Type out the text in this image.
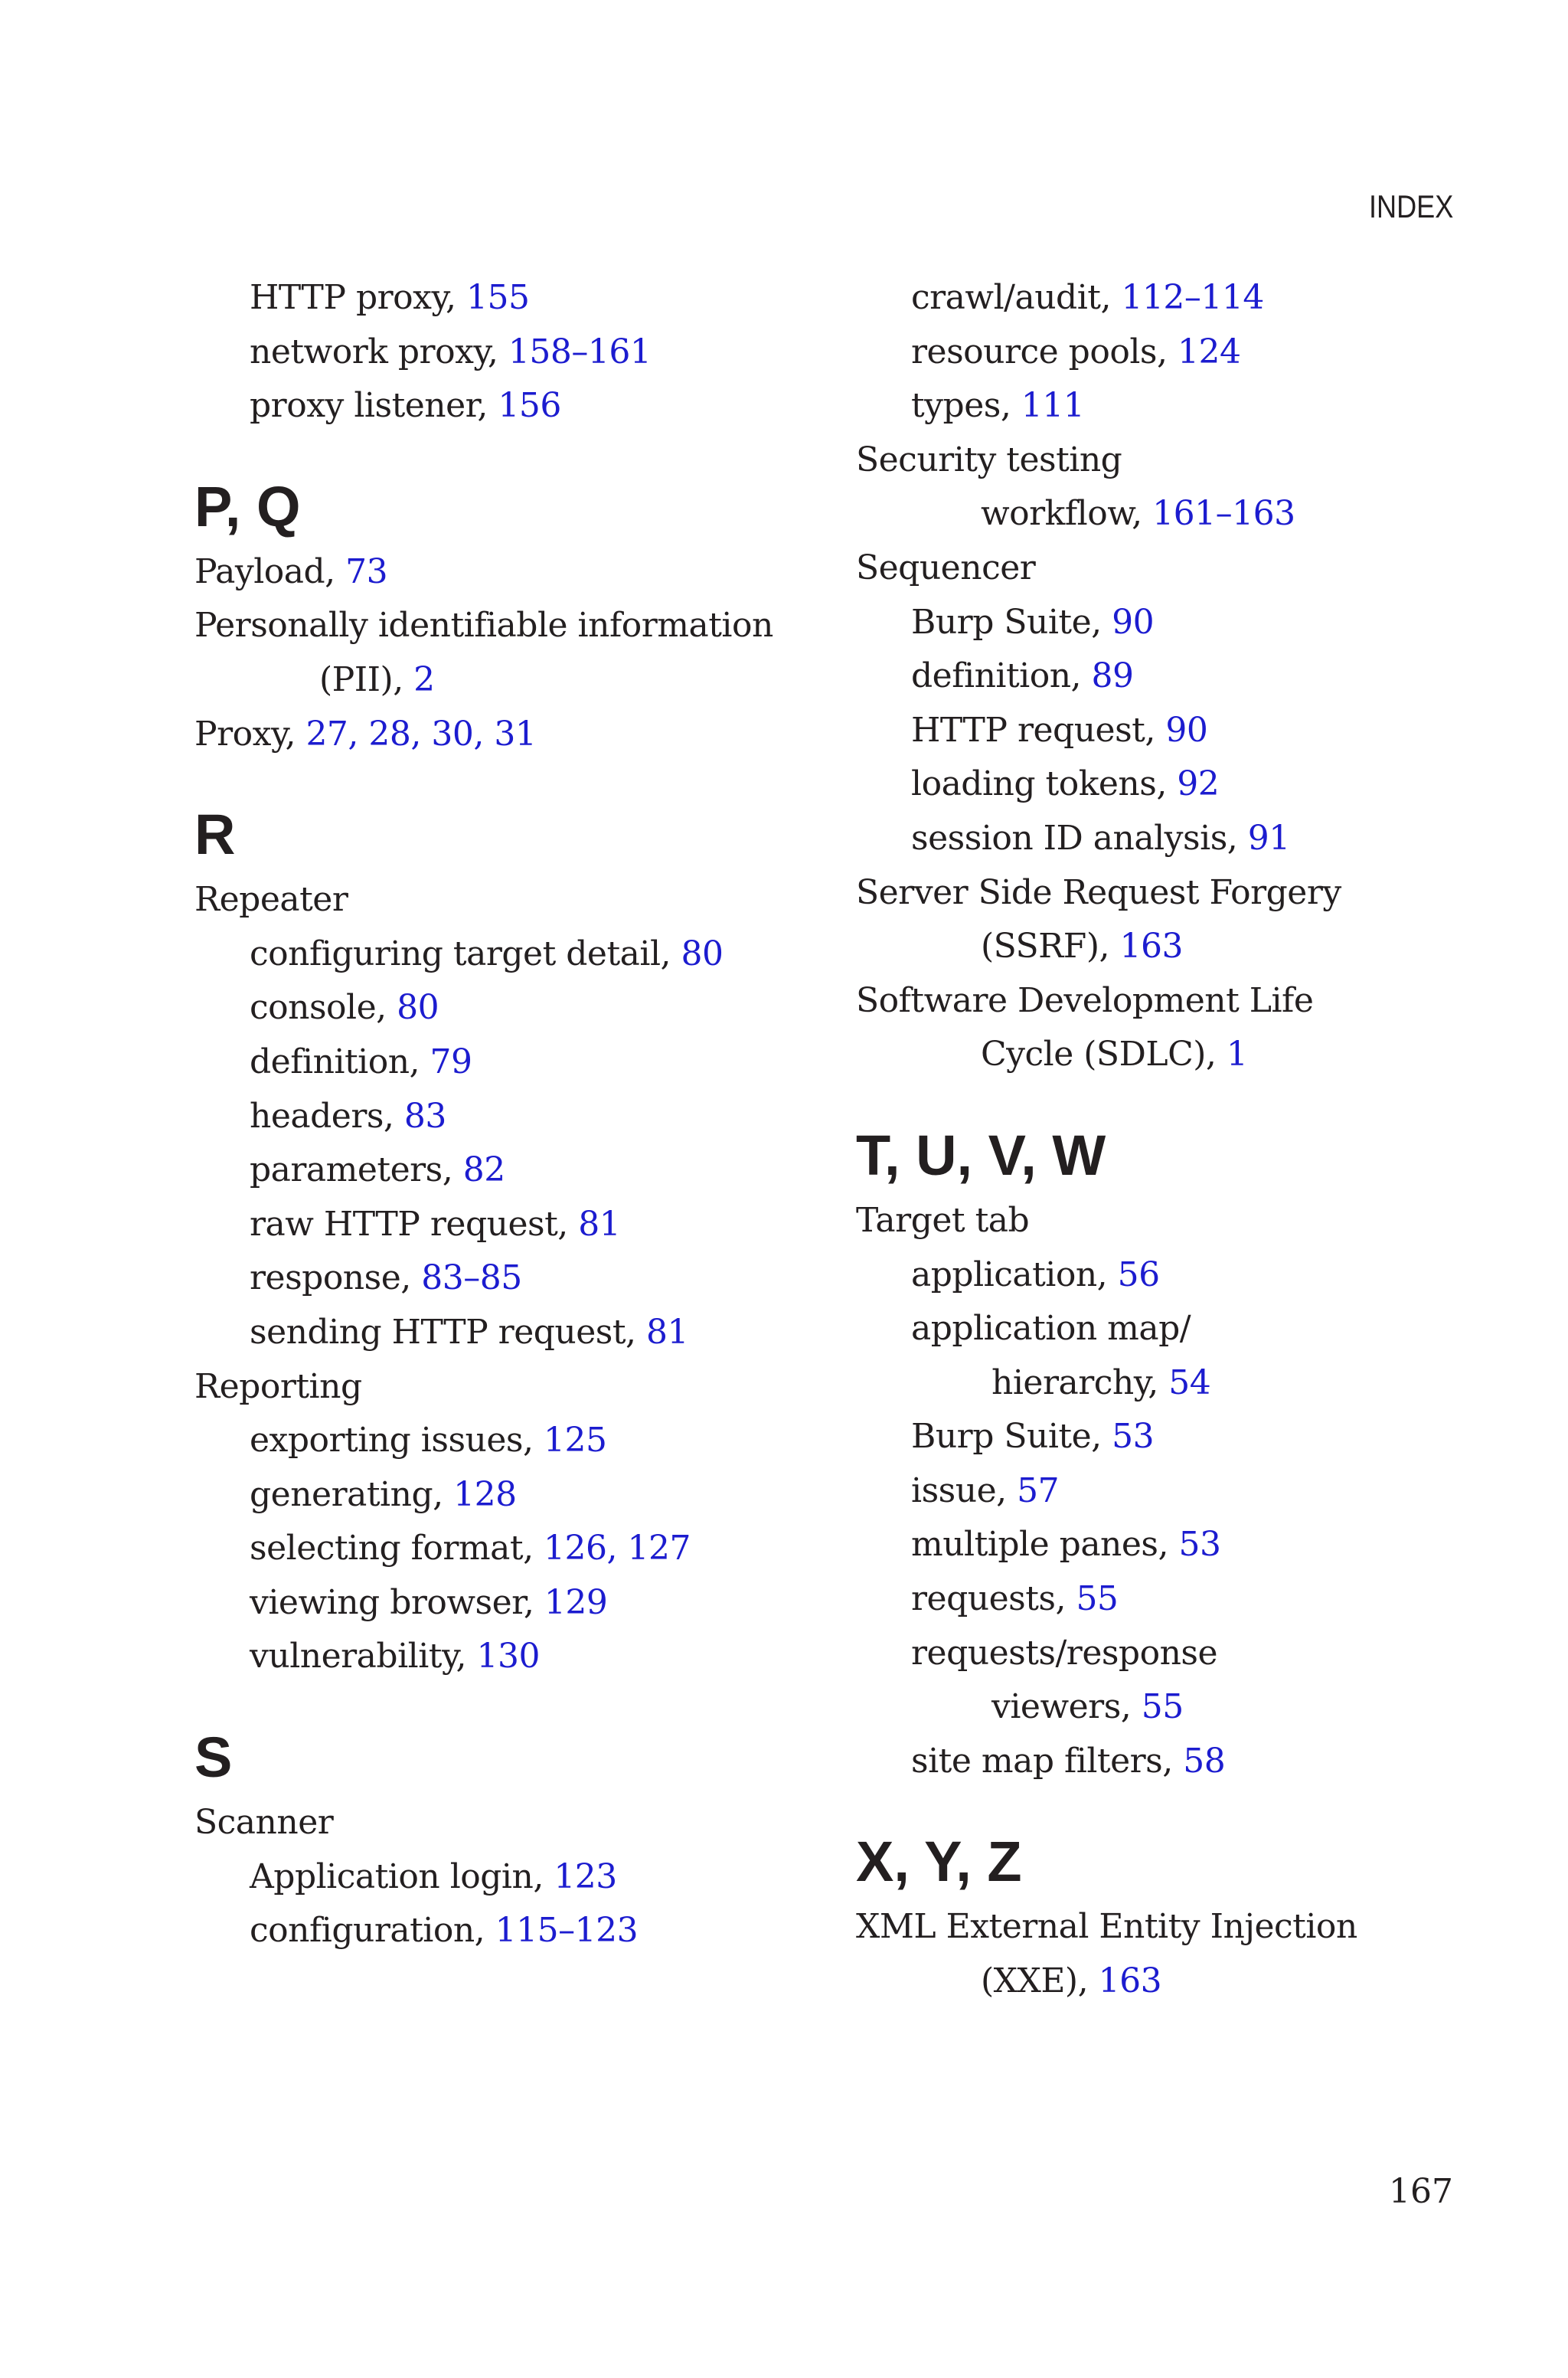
INDEX
HTTP proxy, 155
network proxy, 158–161
proxy listener, 156
P, Q
Payload, 73
Personally identifiable information
(PII), 2
Proxy, 27, 28, 30, 31
R
Repeater
configuring target detail, 80
console, 80
definition, 79
headers, 83
parameters, 82
raw HTTP request, 81
response, 83–85
sending HTTP request, 81
Reporting
exporting issues, 125
generating, 128
selecting format, 126, 127
viewing browser, 129
vulnerability, 130
S
Scanner
Application login, 123
configuration, 115–123
crawl/audit, 112–114
resource pools, 124
types, 111
Security testing
workflow, 161–163
Sequencer
Burp Suite, 90
definition, 89
HTTP request, 90
loading tokens, 92
session ID analysis, 91
Server Side Request Forgery
(SSRF), 163
Software Development Life
Cycle (SDLC), 1
T, U, V, W
Target tab
application, 56
application map/
hierarchy, 54
Burp Suite, 53
issue, 57
multiple panes, 53
requests, 55
requests/response
viewers, 55
site map filters, 58
X, Y, Z
XML External Entity Injection
(XXE), 163
167
